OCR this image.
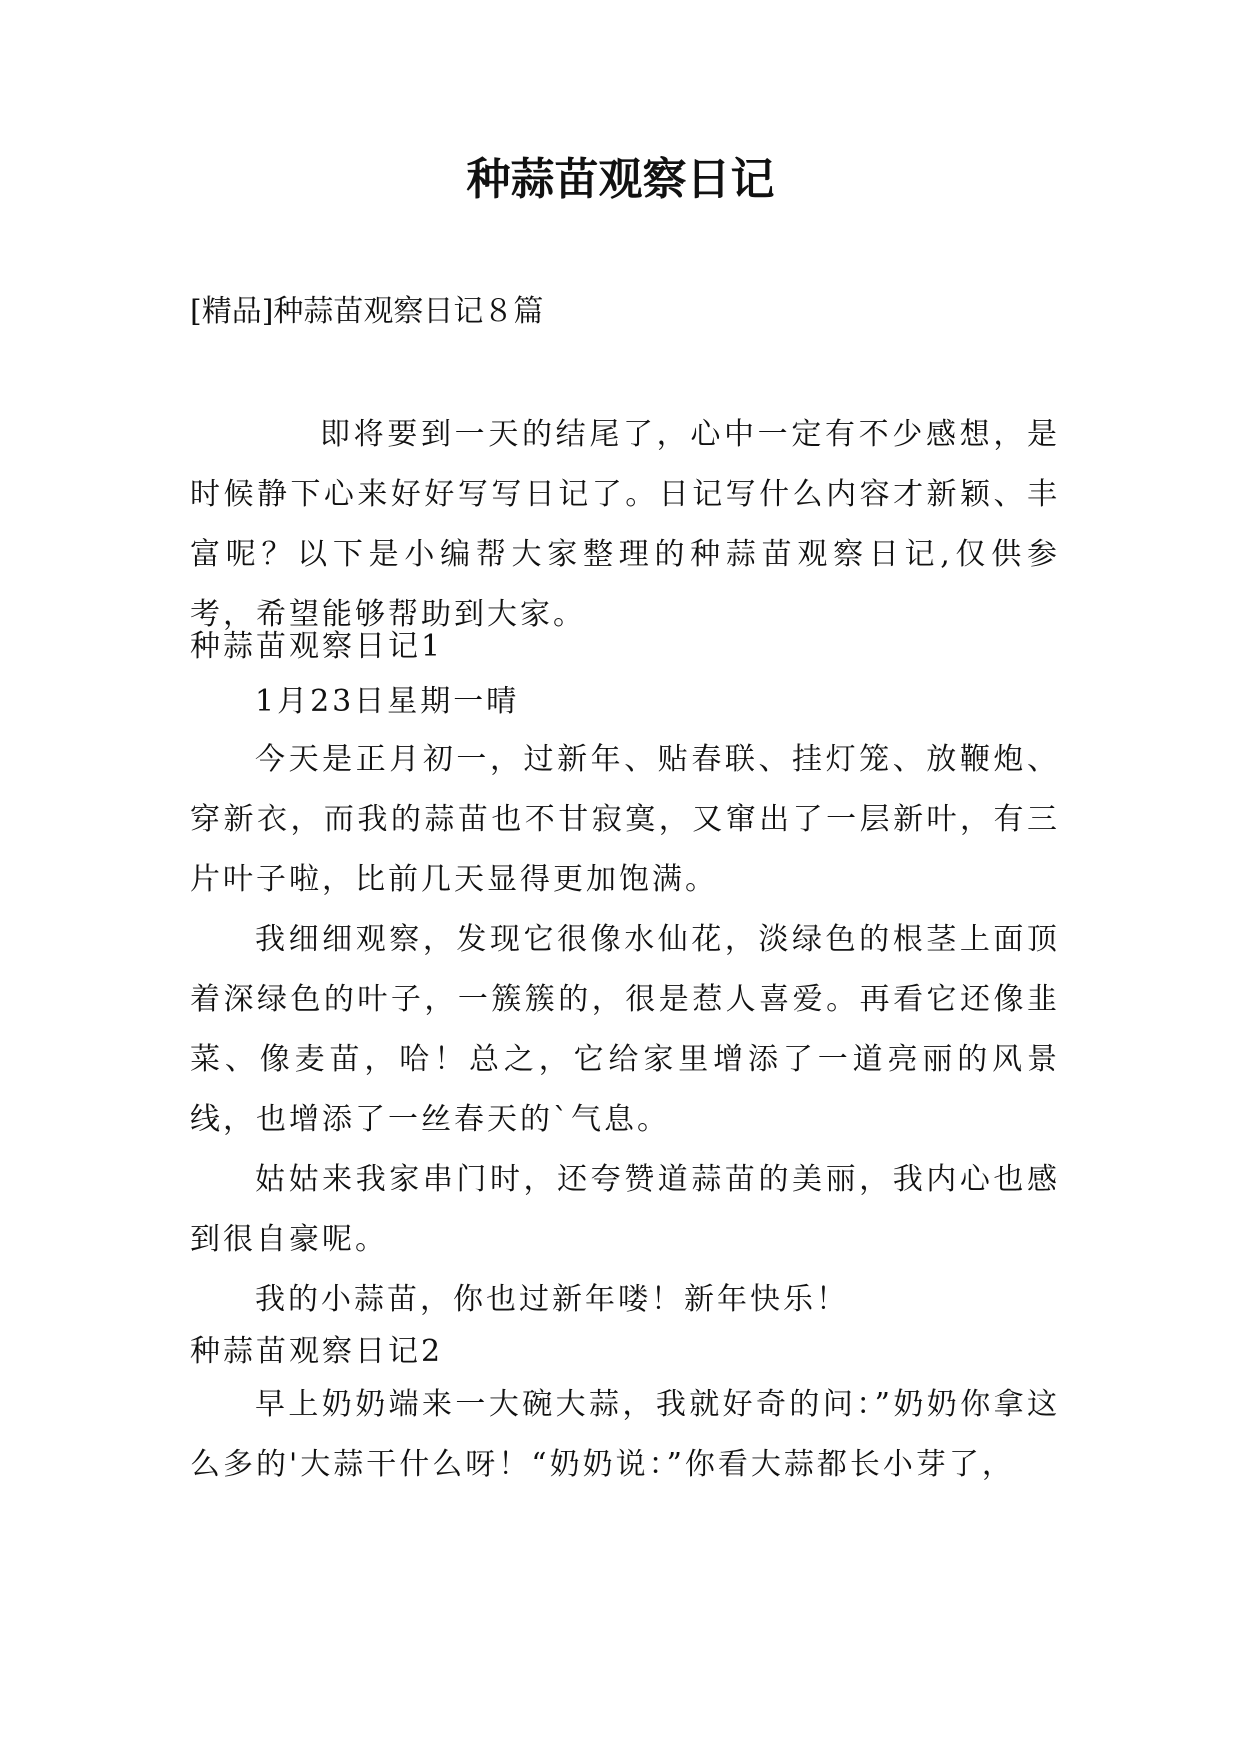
种蒜苗观察日记
[精品]种蒜苗观察日记８篇
即将要到一天的结尾了，心中一定有不少感想，是时候静下心来好好写写日记了。日记写什么内容才新颖、丰富呢？以下是小编帮大家整理的种蒜苗观察日记,仅供参考，希望能够帮助到大家。
种蒜苗观察日记1
1月23日星期一晴
今天是正月初一，过新年、贴春联、挂灯笼、放鞭炮、穿新衣，而我的蒜苗也不甘寂寞，又窜出了一层新叶，有三片叶子啦，比前几天显得更加饱满。
我细细观察，发现它很像水仙花，淡绿色的根茎上面顶着深绿色的叶子，一簇簇的，很是惹人喜爱。再看它还像韭菜、像麦苗，哈！总之，它给家里增添了一道亮丽的风景线，也增添了一丝春天的`气息。
姑姑来我家串门时，还夸赞道蒜苗的美丽，我内心也感到很自豪呢。
我的小蒜苗，你也过新年喽！新年快乐！
种蒜苗观察日记2
早上奶奶端来一大碗大蒜，我就好奇的问：”奶奶你拿这么多的'大蒜干什么呀！“奶奶说：”你看大蒜都长小芽了，
